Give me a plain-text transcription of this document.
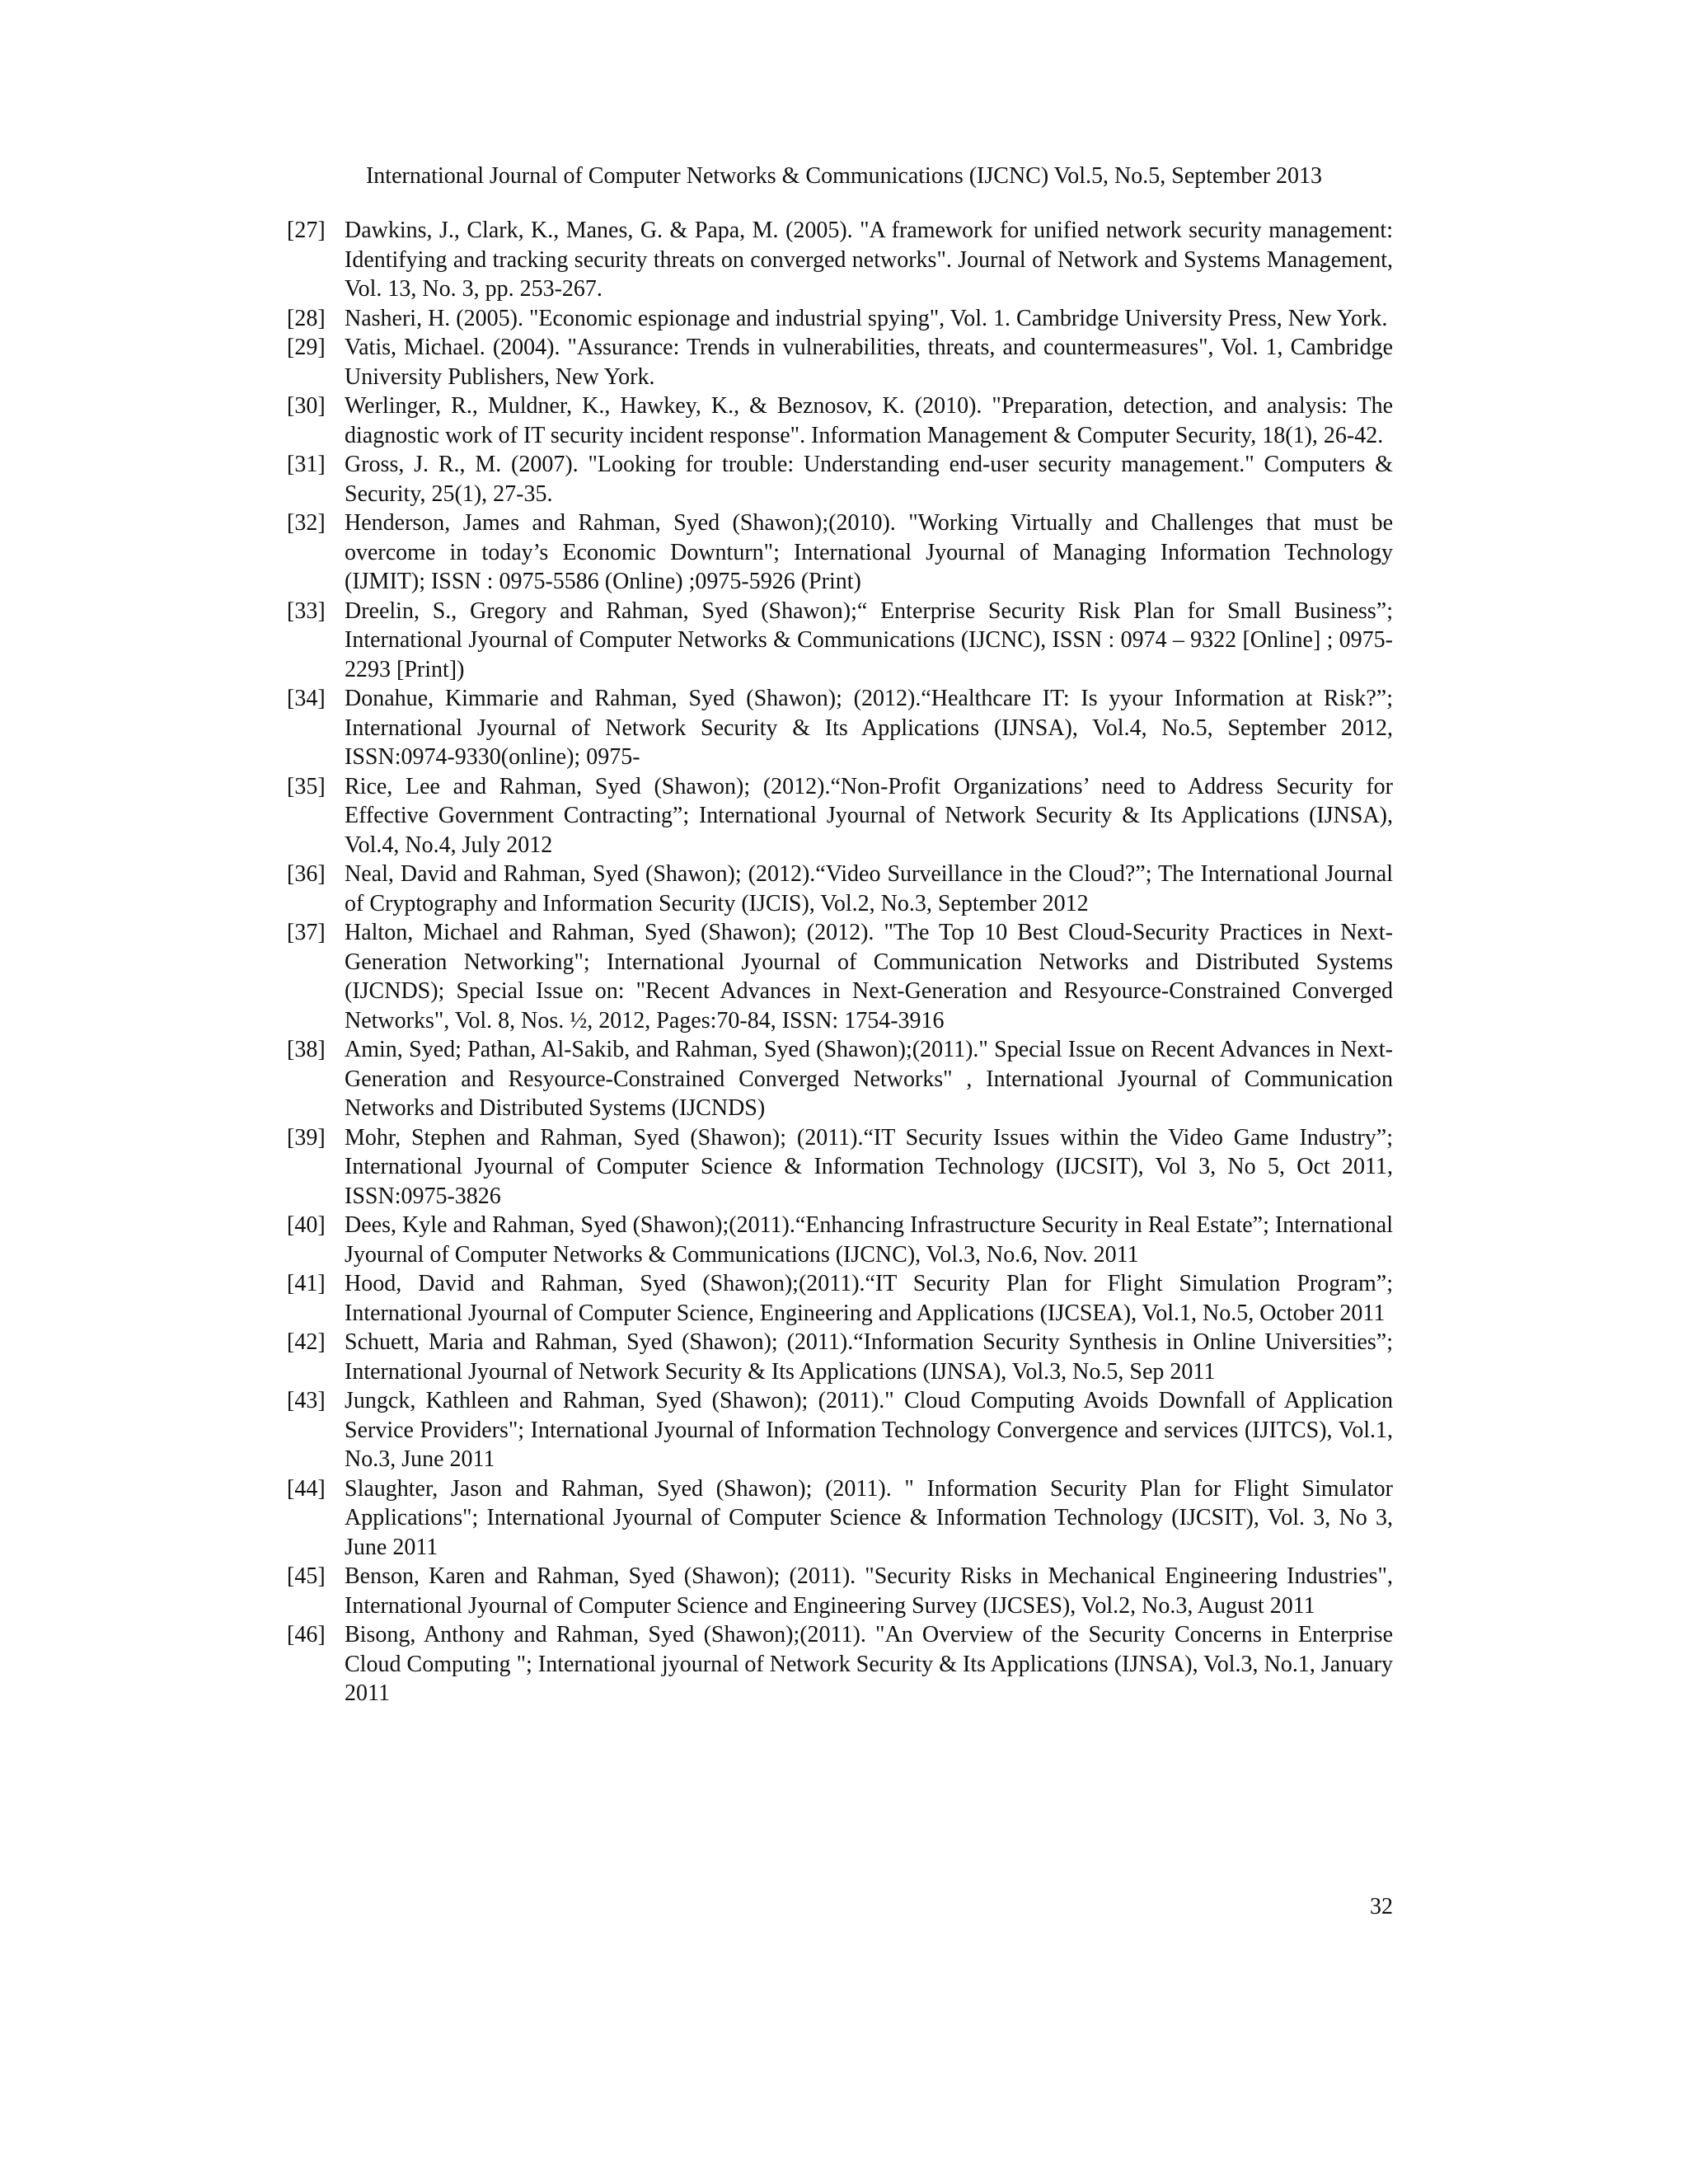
International Journal of Computer Networks & Communications (IJCNC) Vol.5, No.5, September 2013
[27] Dawkins, J., Clark, K., Manes, G. & Papa, M. (2005). "A framework for unified network security management: Identifying and tracking security threats on converged networks". Journal of Network and Systems Management, Vol. 13, No. 3, pp. 253-267.
[28] Nasheri, H. (2005). "Economic espionage and industrial spying", Vol. 1. Cambridge University Press, New York.
[29] Vatis, Michael. (2004). "Assurance: Trends in vulnerabilities, threats, and countermeasures", Vol. 1, Cambridge University Publishers, New York.
[30] Werlinger, R., Muldner, K., Hawkey, K., & Beznosov, K. (2010). "Preparation, detection, and analysis: The diagnostic work of IT security incident response". Information Management & Computer Security, 18(1), 26-42.
[31] Gross, J. R., M. (2007). "Looking for trouble: Understanding end-user security management." Computers & Security, 25(1), 27-35.
[32] Henderson, James and Rahman, Syed (Shawon);(2010). "Working Virtually and Challenges that must be overcome in today’s Economic Downturn"; International Jyournal of Managing Information Technology (IJMIT); ISSN : 0975-5586 (Online) ;0975-5926 (Print)
[33] Dreelin, S., Gregory and Rahman, Syed (Shawon);“ Enterprise Security Risk Plan for Small Business”; International Jyournal of Computer Networks & Communications (IJCNC), ISSN : 0974 – 9322 [Online] ; 0975- 2293 [Print])
[34] Donahue, Kimmarie and Rahman, Syed (Shawon); (2012).“Healthcare IT: Is yyour Information at Risk?”; International Jyournal of Network Security & Its Applications (IJNSA), Vol.4, No.5, September 2012, ISSN:0974-9330(online); 0975-
[35] Rice, Lee and Rahman, Syed (Shawon); (2012).“Non-Profit Organizations’ need to Address Security for Effective Government Contracting”; International Jyournal of Network Security & Its Applications (IJNSA), Vol.4, No.4, July 2012
[36] Neal, David and Rahman, Syed (Shawon); (2012).“Video Surveillance in the Cloud?”; The International Journal of Cryptography and Information Security (IJCIS), Vol.2, No.3, September 2012
[37] Halton, Michael and Rahman, Syed (Shawon); (2012). "The Top 10 Best Cloud-Security Practices in Next-Generation Networking"; International Jyournal of Communication Networks and Distributed Systems (IJCNDS); Special Issue on: "Recent Advances in Next-Generation and Resyource-Constrained Converged Networks", Vol. 8, Nos. ½, 2012, Pages:70-84, ISSN: 1754-3916
[38] Amin, Syed; Pathan, Al-Sakib, and Rahman, Syed (Shawon);(2011)." Special Issue on Recent Advances in Next-Generation and Resyource-Constrained Converged Networks" , International Jyournal of Communication Networks and Distributed Systems (IJCNDS)
[39] Mohr, Stephen and Rahman, Syed (Shawon); (2011).“IT Security Issues within the Video Game Industry”; International Jyournal of Computer Science & Information Technology (IJCSIT), Vol 3, No 5, Oct 2011, ISSN:0975-3826
[40] Dees, Kyle and Rahman, Syed (Shawon);(2011).“Enhancing Infrastructure Security in Real Estate”; International Jyournal of Computer Networks & Communications (IJCNC), Vol.3, No.6, Nov. 2011
[41] Hood, David and Rahman, Syed (Shawon);(2011).“IT Security Plan for Flight Simulation Program”; International Jyournal of Computer Science, Engineering and Applications (IJCSEA), Vol.1, No.5, October 2011
[42] Schuett, Maria and Rahman, Syed (Shawon); (2011).“Information Security Synthesis in Online Universities”; International Jyournal of Network Security & Its Applications (IJNSA), Vol.3, No.5, Sep 2011
[43] Jungck, Kathleen and Rahman, Syed (Shawon); (2011)." Cloud Computing Avoids Downfall of Application Service Providers"; International Jyournal of Information Technology Convergence and services (IJITCS), Vol.1, No.3, June 2011
[44] Slaughter, Jason and Rahman, Syed (Shawon); (2011). " Information Security Plan for Flight Simulator Applications"; International Jyournal of Computer Science & Information Technology (IJCSIT), Vol. 3, No 3, June 2011
[45] Benson, Karen and Rahman, Syed (Shawon); (2011). "Security Risks in Mechanical Engineering Industries", International Jyournal of Computer Science and Engineering Survey (IJCSES), Vol.2, No.3, August 2011
[46] Bisong, Anthony and Rahman, Syed (Shawon);(2011). "An Overview of the Security Concerns in Enterprise Cloud Computing "; International jyournal of Network Security & Its Applications (IJNSA), Vol.3, No.1, January 2011
32
